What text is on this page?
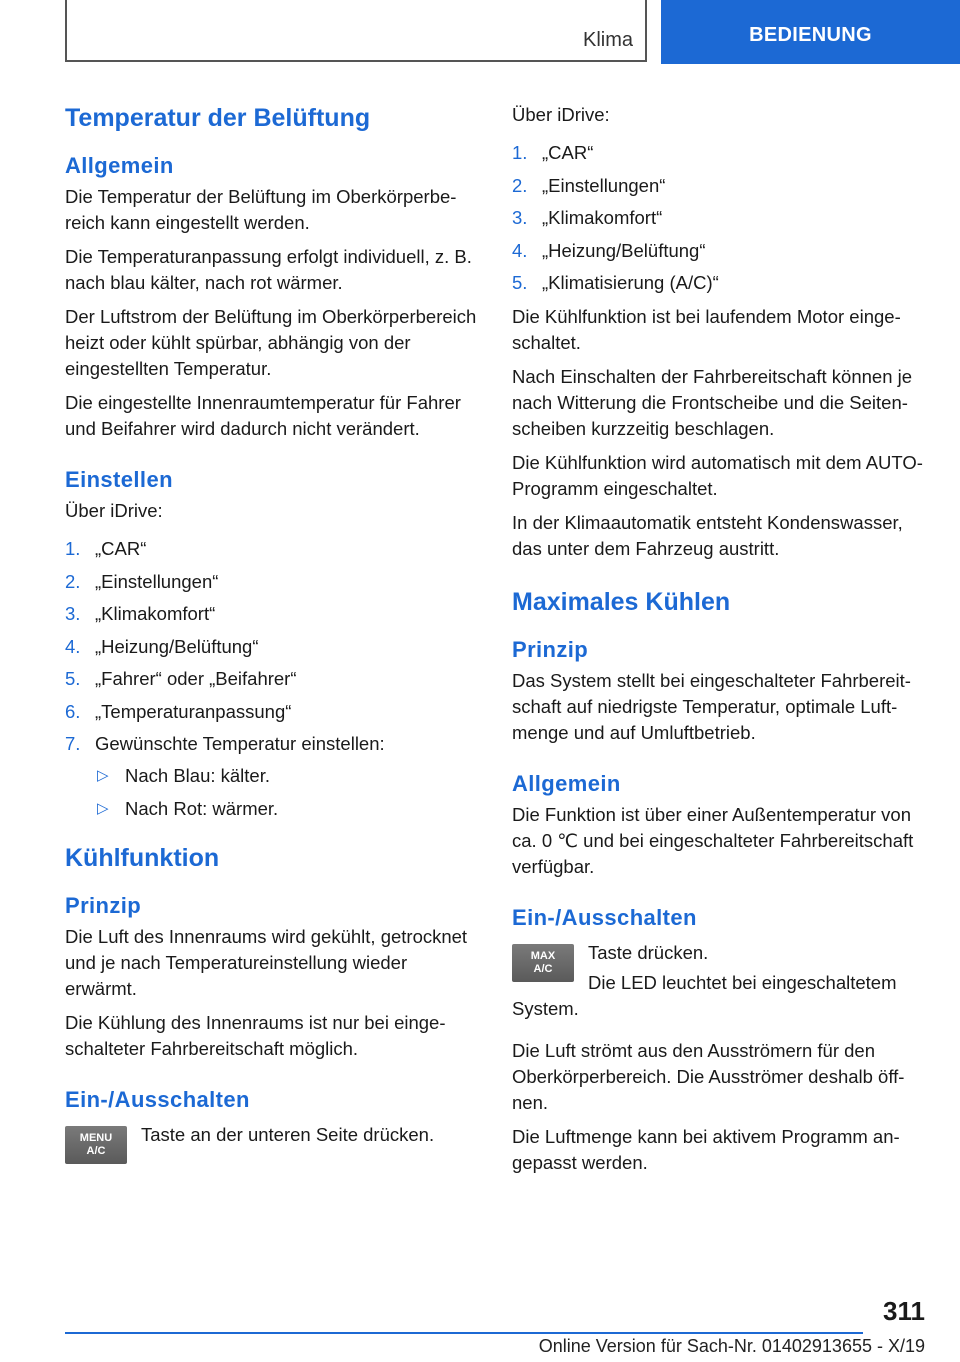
Klima	BEDIENUNG
Temperatur der Belüftung
Allgemein

Die Temperatur der Belüftung im Oberkörperbereich kann eingestellt werden.

Die Temperaturanpassung erfolgt individuell, z. B. nach blau kälter, nach rot wärmer.

Der Luftstrom der Belüftung im Oberkörperbereich heizt oder kühlt spürbar, abhängig von der eingestellten Temperatur.

Die eingestellte Innenraumtemperatur für Fahrer und Beifahrer wird dadurch nicht verändert.

Einstellen

Über iDrive:

1. „CAR“
2. „Einstellungen“
3. „Klimakomfort“
4. „Heizung/Belüftung“
5. „Fahrer“ oder „Beifahrer“
6. „Temperaturanpassung“
7. Gewünschte Temperatur einstellen:
▷ Nach Blau: kälter.
▷ Nach Rot: wärmer.
Kühlfunktion
Prinzip

Die Luft des Innenraums wird gekühlt, getrocknet und je nach Temperatureinstellung wieder erwärmt.

Die Kühlung des Innenraums ist nur bei eingeschalteter Fahrbereitschaft möglich.

Ein-/Ausschalten
MENU
A/C

Taste an der unteren Seite drücken.

Über iDrive:

1. „CAR“
2. „Einstellungen“
3. „Klimakomfort“
4. „Heizung/Belüftung“
5. „Klimatisierung (A/C)“

Die Kühlfunktion ist bei laufendem Motor eingeschaltet.

Nach Einschalten der Fahrbereitschaft können je nach Witterung die Frontscheibe und die Seitenscheiben kurzzeitig beschlagen.

Die Kühlfunktion wird automatisch mit dem AUTO-Programm eingeschaltet.

In der Klimaautomatik entsteht Kondenswasser, das unter dem Fahrzeug austritt.

Maximales Kühlen
Prinzip

Das System stellt bei eingeschalteter Fahrbereitschaft auf niedrigste Temperatur, optimale Luftmenge und auf Umluftbetrieb.

Allgemein

Die Funktion ist über einer Außentemperatur von ca. 0 ℃ und bei eingeschalteter Fahrbereitschaft verfügbar.

Ein-/Ausschalten
MAX
A/C

Taste drücken.

Die LED leuchtet bei eingeschaltetem System.

Die Luft strömt aus den Ausströmern für den Oberkörperbereich. Die Ausströmer deshalb öffnen.

Die Luftmenge kann bei aktivem Programm angepasst werden.

311
Online Version für Sach-Nr. 01402913655 - X/19
